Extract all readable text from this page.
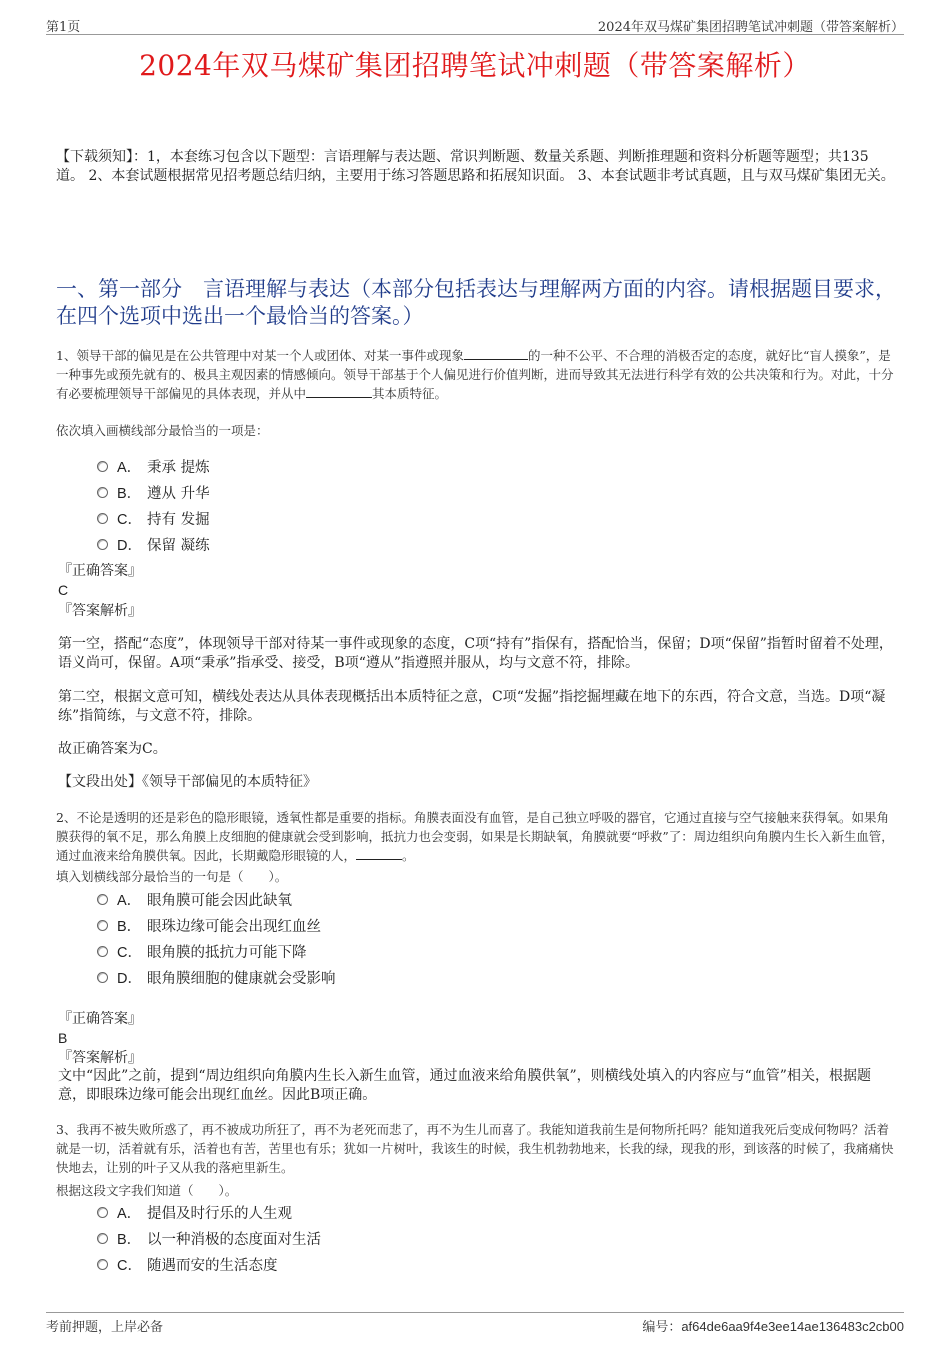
第1页	2024年双马煤矿集团招聘笔试冲刺题（带答案解析）
2024年双马煤矿集团招聘笔试冲刺题（带答案解析）
【下载须知】：1，本套练习包含以下题型：言语理解与表达题、常识判断题、数量关系题、判断推理题和资料分析题等题型；共135道。 2、本套试题根据常见招考题总结归纳，主要用于练习答题思路和拓展知识面。 3、本套试题非考试真题，且与双马煤矿集团无关。
一、第一部分　言语理解与表达（本部分包括表达与理解两方面的内容。请根据题目要求，在四个选项中选出一个最恰当的答案。）
1、领导干部的偏见是在公共管理中对某一个人或团体、对某一事件或现象	的一种不公平、不合理的消极否定的态度，就好比“盲人摸象”，是一种事先或预先就有的、极具主观因素的情感倾向。领导干部基于个人偏见进行价值判断，进而导致其无法进行科学有效的公共决策和行为。对此，十分有必要梳理领导干部偏见的具体表现，并从中	其本质特征。
依次填入画横线部分最恰当的一项是：
A． 秉承 提炼
B． 遵从 升华
C． 持有 发掘
D． 保留 凝练
『正确答案』
C
『答案解析』
第一空，搭配“态度”，体现领导干部对待某一事件或现象的态度，C项“持有”指保有，搭配恰当，保留；D项“保留”指暂时留着不处理，语义尚可，保留。A项“秉承”指承受、接受，B项“遵从”指遵照并服从，均与文意不符，排除。
第二空，根据文意可知，横线处表达从具体表现概括出本质特征之意，C项“发掘”指挖掘埋藏在地下的东西，符合文意，当选。D项“凝练”指简练，与文意不符，排除。
故正确答案为C。
【文段出处】《领导干部偏见的本质特征》
2、不论是透明的还是彩色的隐形眼镜，透氧性都是重要的指标。角膜表面没有血管，是自己独立呼吸的器官，它通过直接与空气接触来获得氧。如果角膜获得的氧不足，那么角膜上皮细胞的健康就会受到影响，抵抗力也会变弱，如果是长期缺氧，角膜就要“呼救”了：周边组织向角膜内生长入新生血管，通过血液来给角膜供氧。因此，长期戴隐形眼镜的人，	。
填入划横线部分最恰当的一句是（　　）。
A． 眼角膜可能会因此缺氧
B． 眼珠边缘可能会出现红血丝
C． 眼角膜的抵抗力可能下降
D． 眼角膜细胞的健康就会受影响
『正确答案』
B
『答案解析』
文中“因此”之前，提到“周边组织向角膜内生长入新生血管，通过血液来给角膜供氧”，则横线处填入的内容应与“血管”相关，根据题意，即眼珠边缘可能会出现红血丝。因此B项正确。
3、我再不被失败所惑了，再不被成功所狂了，再不为老死而悲了，再不为生儿而喜了。我能知道我前生是何物所托吗？能知道我死后变成何物吗？活着就是一切，活着就有乐，活着也有苦，苦里也有乐；犹如一片树叶，我该生的时候，我生机勃勃地来，长我的绿，现我的形，到该落的时候了，我痛痛快快地去，让别的叶子又从我的落疤里新生。
根据这段文字我们知道（　　）。
A． 提倡及时行乐的人生观
B． 以一种消极的态度面对生活
C． 随遇而安的生活态度
考前押题，上岸必备	编号：af64de6aa9f4e3ee14ae136483c2cb00
